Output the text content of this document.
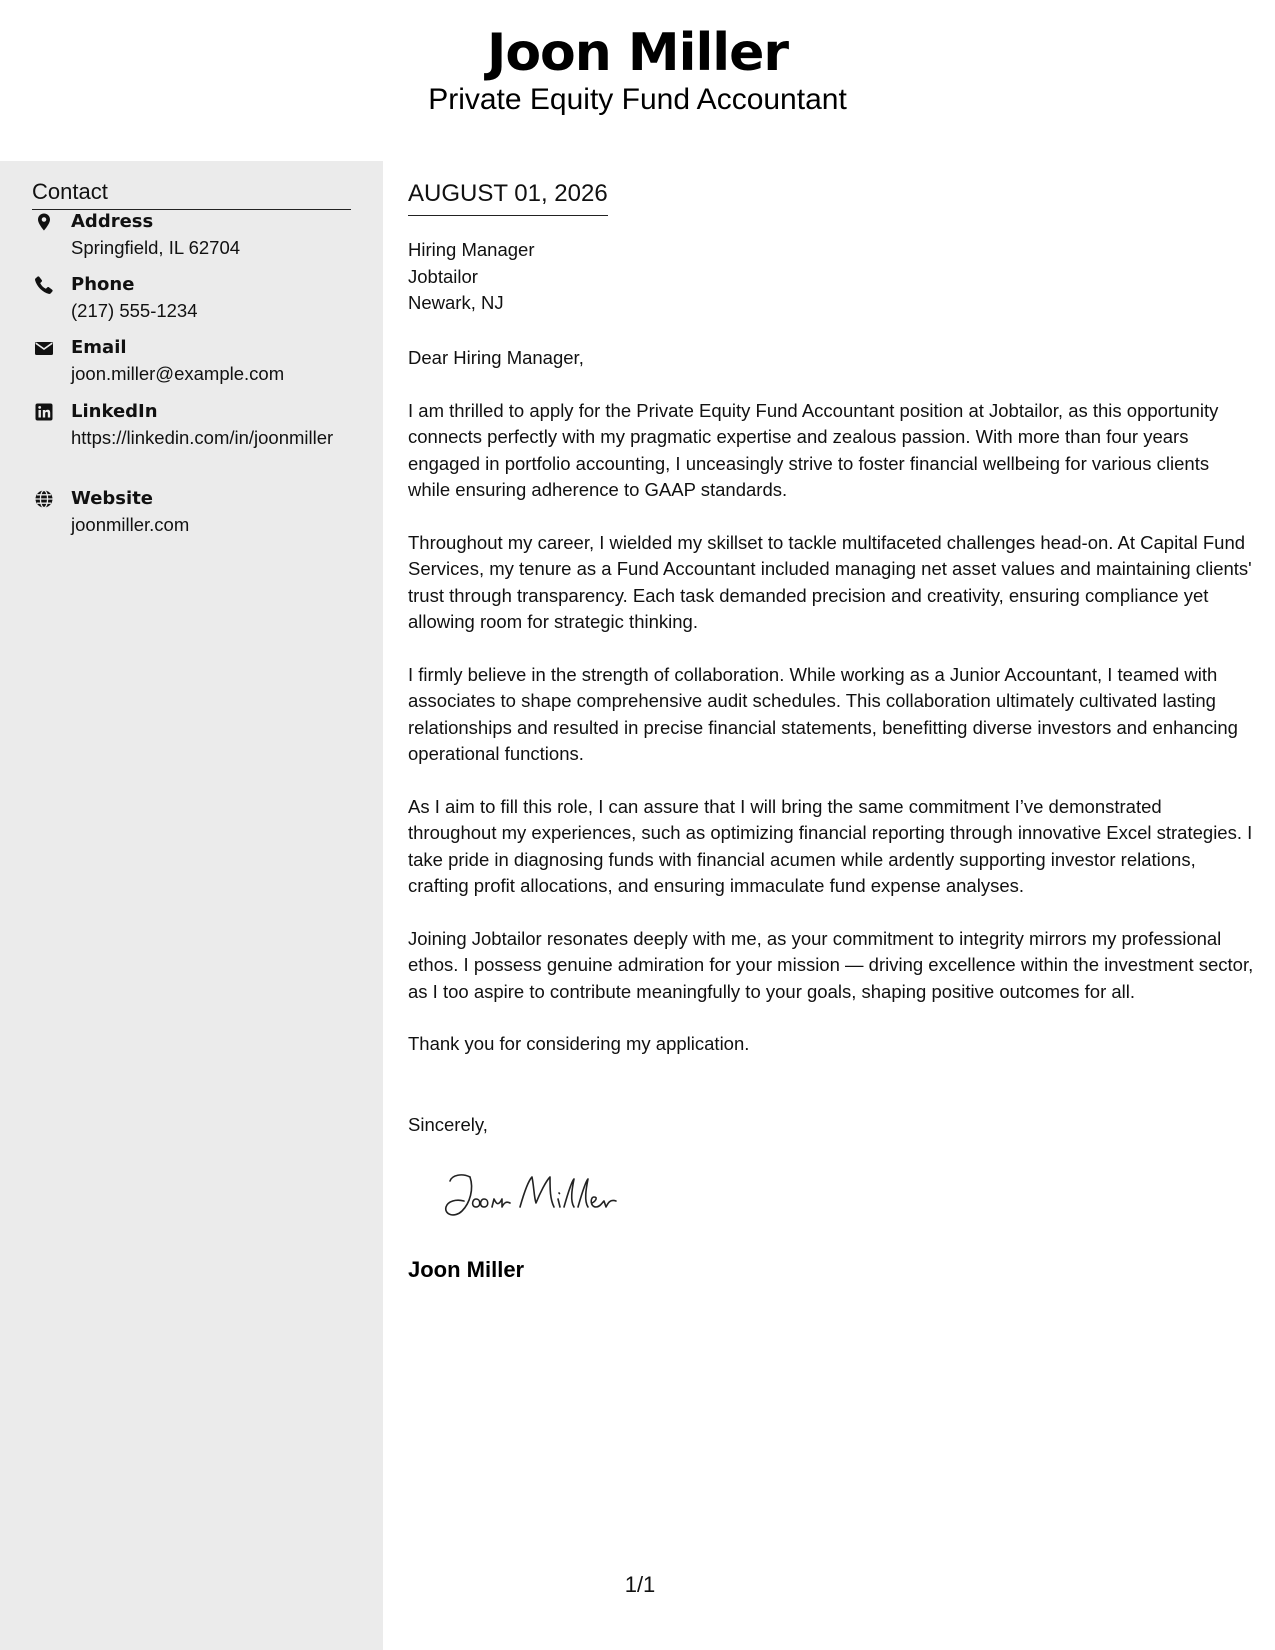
Joon Miller
Private Equity Fund Accountant
Contact
Address
Springfield, IL 62704
Phone
(217) 555-1234
Email
joon.miller@example.com
LinkedIn
https://linkedin.com/in/joonmiller
Website
joonmiller.com
AUGUST 01, 2026
Hiring Manager
Jobtailor
Newark, NJ

Dear Hiring Manager,

I am thrilled to apply for the Private Equity Fund Accountant position at Jobtailor, as this opportunity connects perfectly with my pragmatic expertise and zealous passion. With more than four years engaged in portfolio accounting, I unceasingly strive to foster financial wellbeing for various clients while ensuring adherence to GAAP standards.

Throughout my career, I wielded my skillset to tackle multifaceted challenges head-on. At Capital Fund Services, my tenure as a Fund Accountant included managing net asset values and maintaining clients' trust through transparency. Each task demanded precision and creativity, ensuring compliance yet allowing room for strategic thinking.

I firmly believe in the strength of collaboration. While working as a Junior Accountant, I teamed with associates to shape comprehensive audit schedules. This collaboration ultimately cultivated lasting relationships and resulted in precise financial statements, benefitting diverse investors and enhancing operational functions.

As I aim to fill this role, I can assure that I will bring the same commitment I’ve demonstrated throughout my experiences, such as optimizing financial reporting through innovative Excel strategies. I take pride in diagnosing funds with financial acumen while ardently supporting investor relations, crafting profit allocations, and ensuring immaculate fund expense analyses.

Joining Jobtailor resonates deeply with me, as your commitment to integrity mirrors my professional ethos. I possess genuine admiration for your mission — driving excellence within the investment sector, as I too aspire to contribute meaningfully to your goals, shaping positive outcomes for all.

Thank you for considering my application.

Sincerely,
Joon Miller
1/1
